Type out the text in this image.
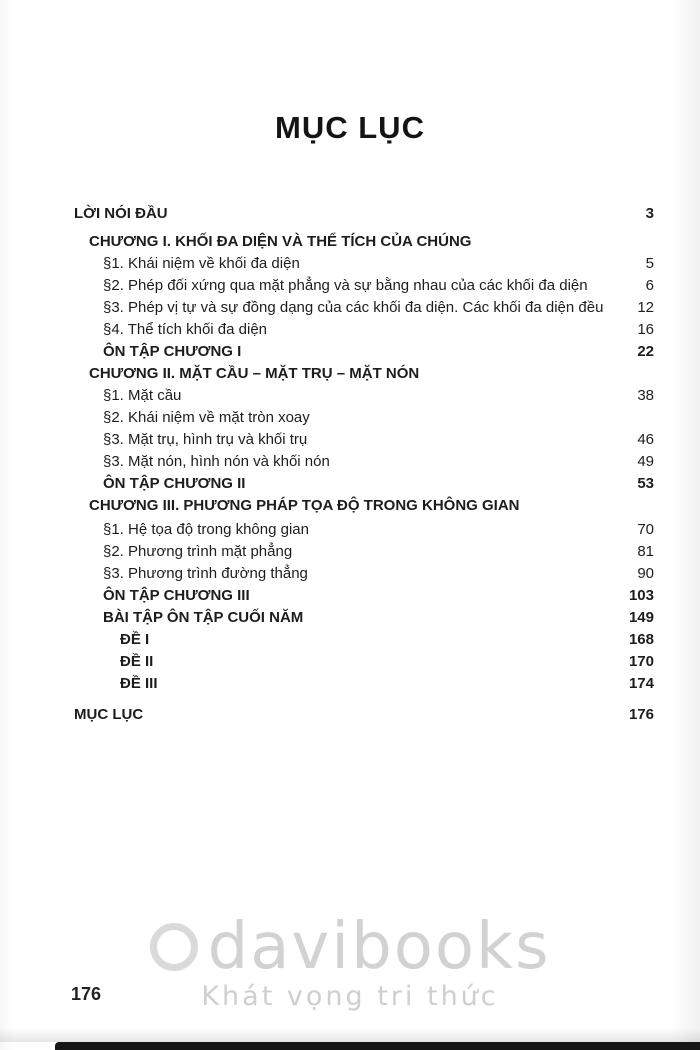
MỤC LỤC
LỜI NÓI ĐẦU	3
CHƯƠNG I. KHỐI ĐA DIỆN VÀ THỂ TÍCH CỦA CHÚNG
§1. Khái niệm về khối đa diện	5
§2. Phép đối xứng qua mặt phẳng và sự bằng nhau của các khối đa diện	6
§3. Phép vị tự và sự đồng dạng của các khối đa diện. Các khối đa diện đều	12
§4. Thể tích khối đa diện	16
ÔN TẬP CHƯƠNG I	22
CHƯƠNG II. MẶT CẦU – MẶT TRỤ – MẶT NÓN
§1. Mặt cầu	38
§2. Khái niệm về mặt tròn xoay
§3. Mặt trụ, hình trụ và khối trụ	46
§3. Mặt nón, hình nón và khối nón	49
ÔN TẬP CHƯƠNG II	53
CHƯƠNG III. PHƯƠNG PHÁP TỌA ĐỘ TRONG KHÔNG GIAN
§1. Hệ tọa độ trong không gian	70
§2. Phương trình mặt phẳng	81
§3. Phương trình đường thẳng	90
ÔN TẬP CHƯƠNG III	103
BÀI TẬP ÔN TẬP CUỐI NĂM	149
ĐỀ I	168
ĐỀ II	170
ĐỀ III	174
MỤC LỤC	176
davibooks
Khát vọng tri thức
176
